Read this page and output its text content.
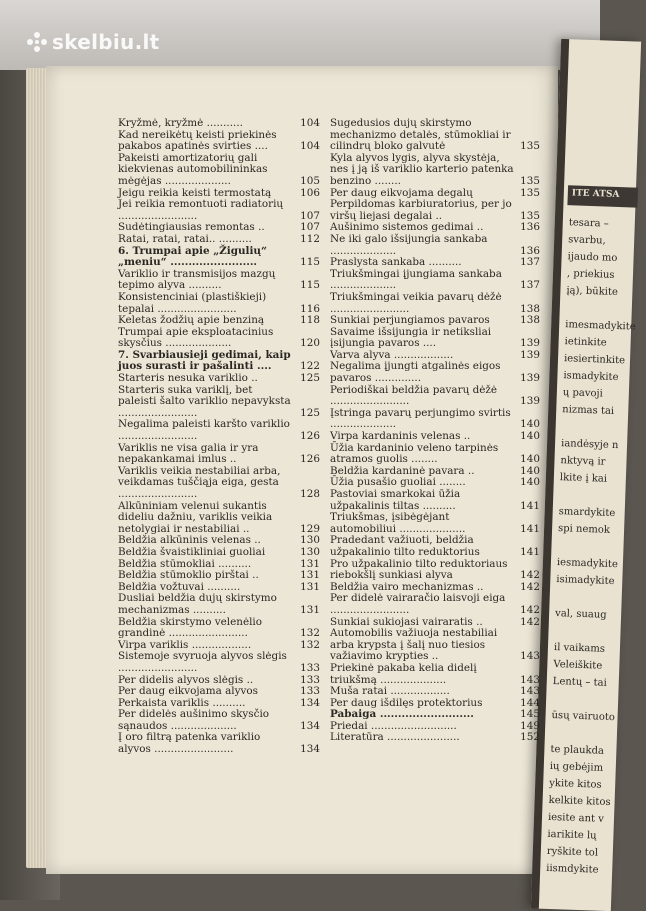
skelbiu.lt
ITE ATSA
tesara –
svarbu,
ijaudo mo
, priekius
įą), būkite
imesmadykite
ietinkite
iesiertinkite
ismadykite
ų pavoji
nizmas tai
iandėsyje n
nktyvą ir
lkite į kai
smardykite
spi nemok
iesmadykite
isimadykite
val, suaug
il vaikams
Veleiškite
Lentų – tai
ūsų vairuoto
te plaukda
ių gebėjim
ykite kitos
kelkite kitos
iesite ant v
iarikite lų
ryškite tol
iismdykite
Kryžmė, kryžmė ...........	104
Kad nereikėtų keisti priekinės pakabos apatinės svirties ....	104
Pakeisti amortizatorių gali kiekvienas automobilininkas mėgėjas ....................	105
Jeigu reikia keisti termostatą	106
Jei reikia remontuoti radiatorių ........................	107
Sudėtingiausias remontas ..	107
Ratai, ratai, ratai.. ..........	112
6. Trumpai apie „Žigulių“ „meniu“ ........................	115
Variklio ir transmisijos mazgų tepimo alyva ..........	115
Konsistenciniai (plastiškieji) tepalai ........................	116
Keletas žodžių apie benziną	118
Trumpai apie eksploatacinius skysčius ....................	120
7. Svarbiausieji gedimai, kaip juos surasti ir pašalinti ....	122
Starteris nesuka variklio ..	125
Starteris suka variklį, bet paleisti šalto variklio nepavyksta ........................	125
Negalima paleisti karšto variklio ........................	126
Variklis ne visa galia ir yra nepakankamai imlus ..	126
Variklis veikia nestabiliai arba, veikdamas tuščiąja eiga, gesta ........................	128
Alkūniniam velenui sukantis dideliu dažniu, variklis veikia netolygiai ir nestabiliai ..	129
Beldžia alkūninis velenas ..	130
Beldžia švaistikliniai guoliai	130
Beldžia stūmokliai ..........	131
Beldžia stūmoklio pirštai ..	131
Beldžia vožtuvai ..........	131
Dusliai beldžia dujų skirstymo mechanizmas ..........	131
Beldžia skirstymo velenėlio grandinė ........................	132
Virpa variklis ..................	132
Sistemoje svyruoja alyvos slėgis ........................	133
Per didelis alyvos slėgis ..	133
Per daug eikvojama alyvos	133
Perkaista variklis ..........	134
Per didelės aušinimo skysčio sąnaudos ....................	134
Į oro filtrą patenka variklio alyvos ........................	134
Sugedusios dujų skirstymo mechanizmo detalės, stūmokliai ir cilindrų bloko galvutė	135
Kyla alyvos lygis, alyva skystėja, nes į ją iš variklio karterio patenka benzino ........	135
Per daug eikvojama degalų	135
Perpildomas karbiuratorius, per jo viršų liejasi degalai ..	135
Aušinimo sistemos gedimai ..	136
Ne iki galo išsijungia sankaba ....................	136
Praslysta sankaba ..........	137
Triukšmingai įjungiama sankaba ....................	137
Triukšmingai veikia pavarų dėžė ........................	138
Sunkiai perjungiamos pavaros	138
Savaime išsijungia ir netiksliai įsijungia pavaros ....	139
Varva alyva ..................	139
Negalima įjungti atgalinės eigos pavaros ..............	139
Periodiškai beldžia pavarų dėžė ........................	139
Įstringa pavarų perjungimo svirtis ....................	140
Virpa kardaninis velenas ..	140
Ūžia kardaninio veleno tarpinės atramos guolis ........	140
Beldžia kardaninė pavara ..	140
Ūžia pusašio guoliai ........	140
Pastoviai smarkokai ūžia užpakalinis tiltas ..........	141
Triukšmas, įsibėgėjant automobiliui ....................	141
Pradedant važiuoti, beldžia užpakalinio tilto reduktorius	141
Pro užpakalinio tilto reduktoriaus riebokšlį sunkiasi alyva	142
Beldžia vairo mechanizmas ..	142
Per didelė vairaračio laisvoji eiga ........................	142
Sunkiai sukiojasi vairaratis ..	142
Automobilis važiuoja nestabiliai arba krypsta į šalį nuo tiesios važiavimo krypties ..	143
Priekinė pakaba kelia didelį triukšmą ....................	143
Muša ratai ..................	143
Per daug išdilęs protektorius	144
Pabaiga ..........................	145
Priedai ..........................	149
Literatūra ......................	152
